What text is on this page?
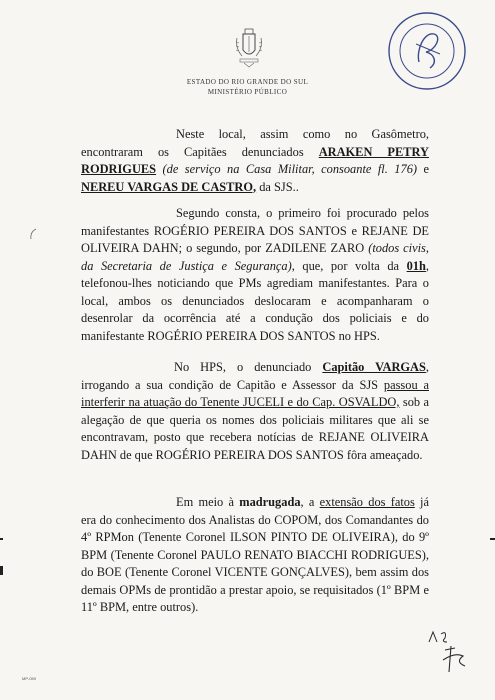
ESTADO DO RIO GRANDE DO SUL
MINISTÉRIO PÚBLICO

Neste local, assim como no Gasômetro, encontraram os Capitães denunciados ARAKEN PETRY RODRIGUES (de serviço na Casa Militar, consoante fl. 176) e NEREU VARGAS DE CASTRO, da SJS..

Segundo consta, o primeiro foi procurado pelos manifestantes ROGÉRIO PEREIRA DOS SANTOS e REJANE DE OLIVEIRA DAHN; o segundo, por ZADILENE ZARO (todos civis, da Secretaria de Justiça e Segurança), que, por volta da 01h, telefonou-lhes noticiando que PMs agrediam manifestantes. Para o local, ambos os denunciados deslocaram e acompanharam o desenrolar da ocorrência até a condução dos policiais e do manifestante ROGÉRIO PEREIRA DOS SANTOS no HPS.

No HPS, o denunciado Capitão VARGAS, irrogando a sua condição de Capitão e Assessor da SJS passou a interferir na atuação do Tenente JUCELI e do Cap. OSVALDO, sob a alegação de que queria os nomes dos policiais militares que ali se encontravam, posto que recebera notícias de REJANE OLIVEIRA DAHN de que ROGÉRIO PEREIRA DOS SANTOS fôra ameaçado.

Em meio à madrugada, a extensão dos fatos já era do conhecimento dos Analistas do COPOM, dos Comandantes do 4º RPMon (Tenente Coronel ILSON PINTO DE OLIVEIRA), do 9º BPM (Tenente Coronel PAULO RENATO BIACCHI RODRIGUES), do BOE (Tenente Coronel VICENTE GONÇALVES), bem assim dos demais OPMs de prontidão a prestar apoio, se requisitados (1º BPM e 11º BPM, entre outros).

MP-059
